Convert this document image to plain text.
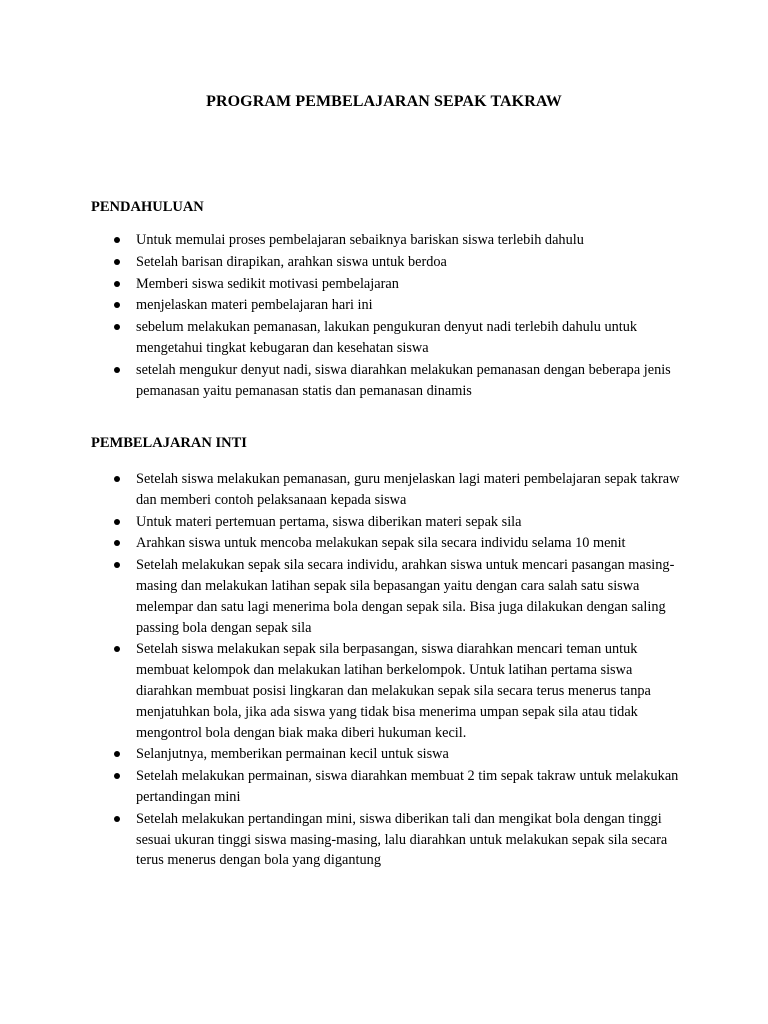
PROGRAM PEMBELAJARAN SEPAK TAKRAW
PENDAHULUAN
Untuk memulai proses pembelajaran sebaiknya bariskan siswa terlebih dahulu
Setelah barisan dirapikan, arahkan siswa untuk berdoa
Memberi siswa sedikit motivasi pembelajaran
menjelaskan materi pembelajaran hari ini
sebelum melakukan pemanasan, lakukan pengukuran denyut nadi terlebih dahulu untuk mengetahui tingkat kebugaran dan kesehatan siswa
setelah mengukur denyut nadi, siswa diarahkan melakukan pemanasan dengan beberapa jenis pemanasan yaitu pemanasan statis dan pemanasan dinamis
PEMBELAJARAN INTI
Setelah siswa melakukan pemanasan, guru menjelaskan lagi materi pembelajaran sepak takraw dan memberi contoh pelaksanaan kepada siswa
Untuk materi pertemuan pertama, siswa diberikan materi sepak sila
Arahkan siswa untuk mencoba melakukan sepak sila secara individu selama 10 menit
Setelah melakukan sepak sila secara individu, arahkan siswa untuk mencari pasangan masing-masing dan melakukan latihan sepak sila bepasangan yaitu dengan cara salah satu siswa melempar dan satu lagi menerima bola dengan sepak sila. Bisa juga dilakukan dengan saling passing bola dengan sepak sila
Setelah siswa melakukan sepak sila berpasangan, siswa diarahkan mencari teman untuk membuat kelompok dan melakukan latihan berkelompok. Untuk latihan pertama siswa diarahkan membuat posisi lingkaran dan melakukan sepak sila secara terus menerus tanpa menjatuhkan bola, jika ada siswa yang tidak bisa menerima umpan sepak sila atau tidak mengontrol bola dengan biak maka diberi hukuman kecil.
Selanjutnya, memberikan permainan kecil untuk siswa
Setelah melakukan permainan, siswa diarahkan membuat 2 tim sepak takraw untuk melakukan pertandingan mini
Setelah melakukan pertandingan mini, siswa diberikan tali dan mengikat bola dengan tinggi sesuai ukuran tinggi siswa masing-masing, lalu diarahkan untuk melakukan sepak sila secara terus menerus dengan bola yang digantung
